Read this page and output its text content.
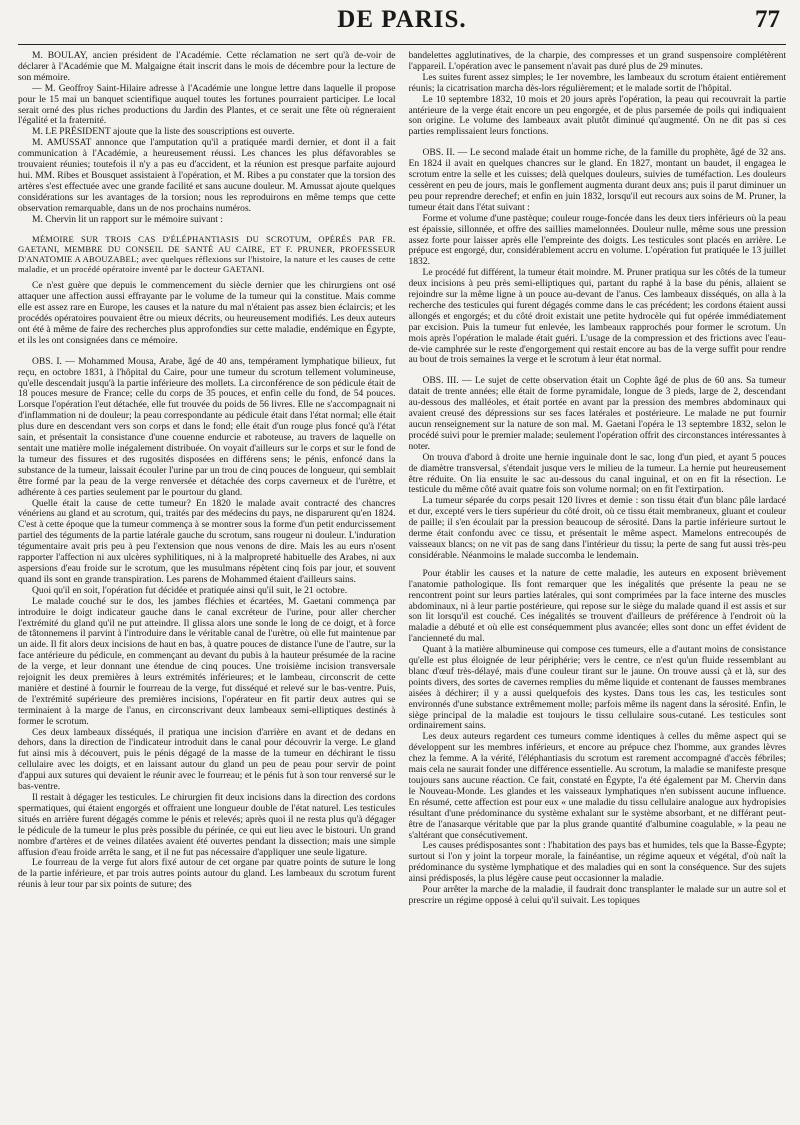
DE PARIS.	77

M. BOULAY, ancien président de l'Académie. Cette réclamation ne sert qu'à de-voir de déclarer à l'Académie que M. Malgaigne était inscrit dans le mois de décembre pour la lecture de son mémoire.

— M. Geoffroy Saint-Hilaire adresse à l'Académie une longue lettre dans laquelle il propose pour le 15 mai un banquet scientifique auquel toutes les fortunes pourraient participer. Le local serait orné des plus riches productions du Jardin des Plantes, et ce serait une fête où régneraient l'égalité et la fraternité.

M. LE PRÉSIDENT ajoute que la liste des souscriptions est ouverte.

M. AMUSSAT annonce que l'amputation qu'il a pratiquée mardi dernier, et dont il a fait communication à l'Académie, a heureusement réussi. Les chances les plus défavorables se trouvaient réunies; toutefois il n'y a pas eu d'accident, et la réunion est presque parfaite aujourd hui. MM. Ribes et Bousquet assistaient à l'opération, et M. Ribes a pu constater que la torsion des artères s'est effectuée avec une grande facilité et sans aucune douleur. M. Amussat ajoute quelques considérations sur les avantages de la torsion; nous les reproduirons en même temps que cette observation remarquable, dans un de nos prochains numéros.

M. Chervin lit un rapport sur le mémoire suivant :

MÉMOIRE SUR TROIS CAS D'ÉLÉPHANTIASIS DU SCROTUM, OPÉRÉS PAR FR. GAETANI, MEMBRE DU CONSEIL DE SANTÉ AU CAIRE, ET F. PRUNER, PROFESSEUR D'ANATOMIE A ABOUZABEL; avec quelques réflexions sur l'histoire, la nature et les causes de cette maladie, et un procédé opératoire inventé par le docteur GAETANI.

Ce n'est guère que depuis le commencement du siècle dernier que les chirurgiens ont osé attaquer une affection aussi effrayante par le volume de la tumeur qui la constitue. Mais comme elle est assez rare en Europe, les causes et la nature du mal n'étaient pas assez bien éclaircis; et les procédés opératoires pouvaient être ou mieux décrits, ou heureusement modifiés. Les deux auteurs ont été à même de faire des recherches plus approfondies sur cette maladie, endémique en Égypte, et ils les ont consignées dans ce mémoire.

OBS. I. — Mohammed Mousa, Arabe, âgé de 40 ans, tempérament lymphatique bilieux, fut reçu, en octobre 1831, à l'hôpital du Caire, pour une tumeur du scrotum tellement volumineuse, qu'elle descendait jusqu'à la partie inférieure des mollets. La circonférence de son pédicule était de 18 pouces mesure de France; celle du corps de 35 pouces, et enfin celle du fond, de 54 pouces. Lorsque l'opération l'eut détachée, elle fut trouvée du poids de 56 livres. Elle ne s'accompagnait ni d'inflammation ni de douleur; la peau correspondante au pédicule était dans l'état normal; elle était plus dure en descendant vers son corps et dans le fond; elle était d'un rouge plus foncé qu'à l'état sain, et présentait la consistance d'une couenne endurcie et raboteuse, au travers de laquelle on sentait une matière molle inégalement distribuée. On voyait d'ailleurs sur le corps et sur le fond de la tumeur des fissures et des rugosités disposées en différens sens; le pénis, enfoncé dans la substance de la tumeur, laissait écouler l'urine par un trou de cinq pouces de longueur, qui semblait être formé par la peau de la verge renversée et détachée des corps caverneux et de l'urètre, et adhérente à ces parties seulement par le pourtour du gland.

Quelle était la cause de cette tumeur? En 1820 le malade avait contracté des chancres vénériens au gland et au scrotum, qui, traités par des médecins du pays, ne disparurent qu'en 1824. C'est à cette époque que la tumeur commença à se montrer sous la forme d'un petit endurcissement partiel des téguments de la partie latérale gauche du scrotum, sans rougeur ni douleur. L'induration tégumentaire avait pris peu à peu l'extension que nous venons de dire. Mais les au eurs n'osent rapporter l'affection ni aux ulcères syphilitiques, ni à la malpropreté habituelle des Arabes, ni aux aspersions d'eau froide sur le scrotum, que les musulmans répètent cinq fois par jour, et souvent quand ils sont en grande transpiration. Les parens de Mohammed étaient d'ailleurs sains.

Quoi qu'il en soit, l'opération fut décidée et pratiquée ainsi qu'il suit, le 21 octobre.

Le malade couché sur le dos, les jambes fléchies et écartées, M. Gaetani commença par introduire le doigt indicateur gauche dans le canal excréteur de l'urine, pour aller chercher l'extrémité du gland qu'il ne put atteindre. Il glissa alors une sonde le long de ce doigt, et à force de tâtonnemens il parvint à l'introduire dans le véritable canal de l'urètre, où elle fut maintenue par un aide. Il fit alors deux incisions de haut en bas, à quatre pouces de distance l'une de l'autre, sur la face antérieure du pédicule, en commençant au devant du pubis à la hauteur présumée de la racine de la verge, et leur donnant une étendue de cinq pouces. Une troisième incision transversale rejoignit les deux premières à leurs extrémités inférieures; et le lambeau, circonscrit de cette manière et destiné à fournir le fourreau de la verge, fut disséqué et relevé sur le bas-ventre. Puis, de l'extrémité supérieure des premières incisions, l'opérateur en fit partir deux autres qui se terminaient à la marge de l'anus, en circonscrivant deux lambeaux semi-elliptiques destinés à former le scrotum.

Ces deux lambeaux disséqués, il pratiqua une incision d'arrière en avant et de dedans en dehors, dans la direction de l'indicateur introduit dans le canal pour découvrir la verge. Le gland fut ainsi mis à découvert, puis le pénis dégagé de la masse de la tumeur en déchirant le tissu cellulaire avec les doigts, et en laissant autour du gland un peu de peau pour servir de point d'appui aux sutures qui devaient le réunir avec le fourreau; et le pénis fut à son tour renversé sur le bas-ventre.

Il restait à dégager les testicules. Le chirurgien fit deux incisions dans la direction des cordons spermatiques, qui étaient engorgés et offraient une longueur double de l'état naturel. Les testicules situés en arrière furent dégagés comme le pénis et relevés; après quoi il ne resta plus qu'à dégager le pédicule de la tumeur le plus près possible du périnée, ce qui eut lieu avec le bistouri. Un grand nombre d'artères et de veines dilatées avaient été ouvertes pendant la dissection; mais une simple affusion d'eau froide arrêta le sang, et il ne fut pas nécessaire d'appliquer une seule ligature.

Le fourreau de la verge fut alors fixé autour de cet organe par quatre points de suture le long de la partie inférieure, et par trois autres points autour du gland. Les lambeaux du scrotum furent réunis à leur tour par six points de suture; des

bandelettes agglutinatives, de la charpie, des compresses et un grand suspensoire complétèrent l'appareil. L'opération avec le pansement n'avait pas duré plus de 29 minutes.

Les suites furent assez simples; le 1er novembre, les lambeaux du scrotum étaient entièrement réunis; la cicatrisation marcha dès-lors régulièrement; et le malade sortit de l'hôpital.

Le 10 septembre 1832, 10 mois et 20 jours après l'opération, la peau qui recouvrait la partie antérieure de la verge était encore un peu engorgée, et de plus parsemée de poils qui indiquaient son origine. Le volume des lambeaux avait plutôt diminué qu'augmenté. On ne dit pas si ces parties remplissaient leurs fonctions.

OBS. II. — Le second malade était un homme riche, de la famille du prophète, âgé de 32 ans. En 1824 il avait en quelques chancres sur le gland. En 1827, montant un baudet, il engagea le scrotum entre la selle et les cuisses; delà quelques douleurs, suivies de tuméfaction. Les douleurs cessèrent en peu de jours, mais le gonflement augmenta durant deux ans; puis il parut diminuer un peu pour reprendre derechef; et enfin en juin 1832, lorsqu'il eut recours aux soins de M. Pruner, la tumeur était dans l'état suivant :

Forme et volume d'une pastèque; couleur rouge-foncée dans les deux tiers inférieurs où la peau est épaissie, sillonnée, et offre des saillies mamelonnées. Douleur nulle, même sous une pression assez forte pour laisser après elle l'empreinte des doigts. Les testicules sont placés en arrière. Le prépuce est engorgé, dur, considérablement accru en volume. L'opération fut pratiquée le 13 juillet 1832.

Le procédé fut différent, la tumeur était moindre. M. Pruner pratiqua sur les côtés de la tumeur deux incisions à peu près semi-elliptiques qui, partant du raphé à la base du pénis, allaient se rejoindre sur la même ligne à un pouce au-devant de l'anus. Ces lambeaux disséqués, on alla à la recherche des testicules qui furent dégagés comme dans le cas précédent; les cordons étaient aussi allongés et engorgés; et du côté droit existait une petite hydrocèle qui fut opérée immédiatement par excision. Puis la tumeur fut enlevée, les lambeaux rapprochés pour former le scrotum. Un mois après l'opération le malade était guéri. L'usage de la compression et des frictions avec l'eau-de-vie camphrée sur le reste d'engorgement qui restait encore au bas de la verge suffit pour rendre au bout de trois semaines la verge et le scrotum à leur état normal.

OBS. III. — Le sujet de cette observation était un Cophte âgé de plus de 60 ans. Sa tumeur datait de trente années; elle était de forme pyramidale, longue de 3 pieds, large de 2, descendant au-dessous des malléoles, et était portée en avant par la pression des membres abdominaux qui avaient creusé des dépressions sur ses faces latérales et postérieure. Le malade ne put fournir aucun renseignement sur la nature de son mal. M. Gaetani l'opéra le 13 septembre 1832, selon le procédé suivi pour le premier malade; seulement l'opération offrit des circonstances intéressantes à noter.

On trouva d'abord à droite une hernie inguinale dont le sac, long d'un pied, et ayant 5 pouces de diamètre transversal, s'étendait jusque vers le milieu de la tumeur. La hernie put heureusement être réduite. On lia ensuite le sac au-dessous du canal inguinal, et on en fit la résection. Le testicule du même côté avait quatre fois son volume normal; on en fit l'extirpation.

La tumeur séparée du corps pesait 120 livres et demie : son tissu était d'un blanc pâle lardacé et dur, excepté vers le tiers supérieur du côté droit, où ce tissu était membraneux, gluant et couleur de paille; il s'en écoulait par la pression beaucoup de sérosité. Dans la partie inférieure surtout le derme était confondu avec ce tissu, et présentait le même aspect. Mamelons entrecoupés de vaisseaux blancs; on ne vit pas de sang dans l'intérieur du tissu; la perte de sang fut aussi très-peu considérable. Néanmoins le malade succomba le lendemain.

Pour établir les causes et la nature de cette maladie, les auteurs en exposent brièvement l'anatomie pathologique. Ils font remarquer que les inégalités que présente la peau ne se rencontrent point sur leurs parties latérales, qui sont comprimées par la face interne des muscles abdominaux, ni à leur partie postérieure, qui repose sur le siège du malade quand il est assis et sur son lit lorsqu'il est couché. Ces inégalités se trouvent d'ailleurs de préférence à l'endroit où la maladie a débuté et où elle est conséquemment plus avancée; elles sont donc un effet évident de l'ancienneté du mal.

Quant à la matière albumineuse qui compose ces tumeurs, elle a d'autant moins de consistance qu'elle est plus éloignée de leur périphérie; vers le centre, ce n'est qu'un fluide ressemblant au blanc d'œuf très-délayé, mais d'une couleur tirant sur le jaune. On trouve aussi çà et là, sur des points divers, des sortes de cavernes remplies du même liquide et contenant de fausses membranes aisées à déchirer; il y a aussi quelquefois des kystes. Dans tous les cas, les testicules sont environnés d'une substance extrêmement molle; parfois même ils nagent dans la sérosité. Enfin, le siège principal de la maladie est toujours le tissu cellulaire sous-cutané. Les testicules sont ordinairement sains.

Les deux auteurs regardent ces tumeurs comme identiques à celles du même aspect qui se développent sur les membres inférieurs, et encore au prépuce chez l'homme, aux grandes lèvres chez la femme. A la vérité, l'éléphantiasis du scrotum est rarement accompagné d'accès fébriles; mais cela ne saurait fonder une différence essentielle. Au scrotum, la maladie se manifeste presque toujours sans aucune réaction. Ce fait, constaté en Égypte, l'a été également par M. Chervin dans le Nouveau-Monde. Les glandes et les vaisseaux lymphatiques n'en subissent aucune influence. En résumé, cette affection est pour eux « une maladie du tissu cellulaire analogue aux hydropisies résultant d'une prédominance du système exhalant sur le système absorbant, et ne différant peut-être de l'anasarque véritable que par la plus grande quantité d'albumine coagulable, » la peau ne s'altérant que consécutivement.

Les causes prédisposantes sont : l'habitation des pays bas et humides, tels que la Basse-Égypte; surtout si l'on y joint la torpeur morale, la fainéantise, un régime aqueux et végétal, d'où naît la prédominance du système lymphatique et des maladies qui en sont la conséquence. Sur des sujets ainsi prédisposés, la plus légère cause peut occasionner la maladie.

Pour arrêter la marche de la maladie, il faudrait donc transplanter le malade sur un autre sol et prescrire un régime opposé à celui qu'il suivait. Les topiques
